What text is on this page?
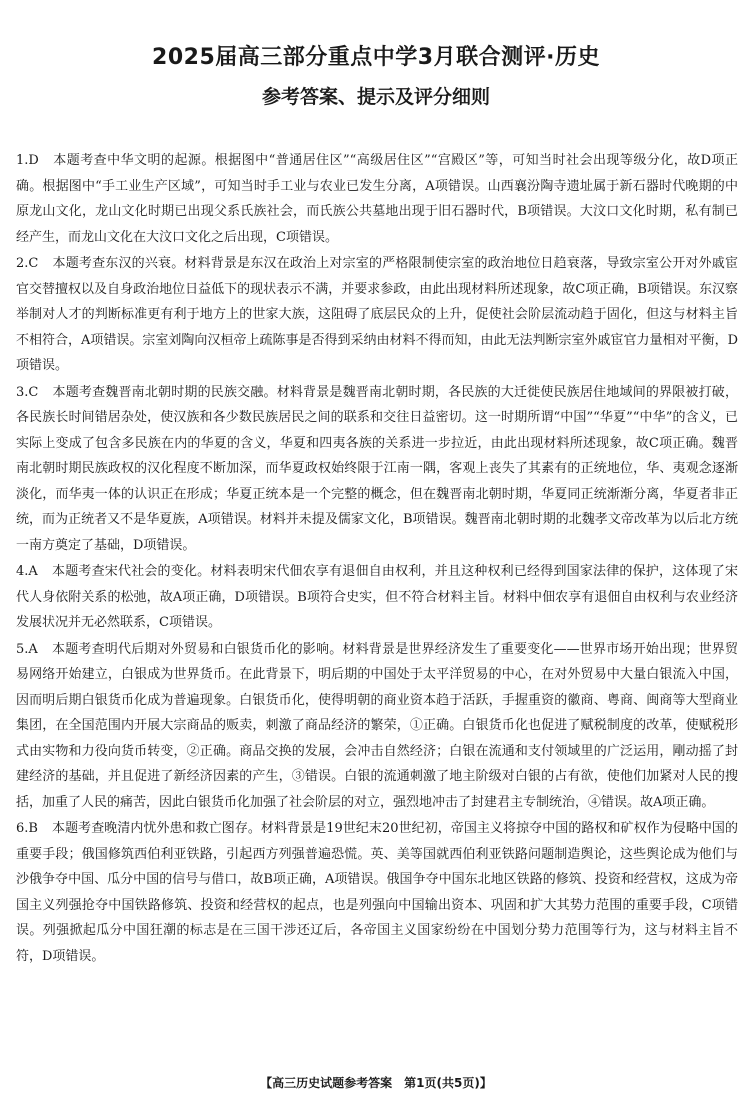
2025届高三部分重点中学3月联合测评·历史
参考答案、提示及评分细则

1.D 本题考查中华文明的起源。根据图中“普通居住区”“高级居住区”“宫殿区”等，可知当时社会出现等级分化，故D项正确。根据图中“手工业生产区域”，可知当时手工业与农业已发生分离，A项错误。山西襄汾陶寺遗址属于新石器时代晚期的中原龙山文化，龙山文化时期已出现父系氏族社会，而氏族公共墓地出现于旧石器时代，B项错误。大汶口文化时期，私有制已经产生，而龙山文化在大汶口文化之后出现，C项错误。

2.C 本题考查东汉的兴衰。材料背景是东汉在政治上对宗室的严格限制使宗室的政治地位日趋衰落，导致宗室公开对外戚宦官交替擅权以及自身政治地位日益低下的现状表示不满，并要求参政，由此出现材料所述现象，故C项正确，B项错误。东汉察举制对人才的判断标准更有利于地方上的世家大族，这阻碍了底层民众的上升，促使社会阶层流动趋于固化，但这与材料主旨不相符合，A项错误。宗室刘陶向汉桓帝上疏陈事是否得到采纳由材料不得而知，由此无法判断宗室外戚宦官力量相对平衡，D项错误。

3.C 本题考查魏晋南北朝时期的民族交融。材料背景是魏晋南北朝时期，各民族的大迁徙使民族居住地域间的界限被打破，各民族长时间错居杂处，使汉族和各少数民族居民之间的联系和交往日益密切。这一时期所谓“中国”“华夏”“中华”的含义，已实际上变成了包含多民族在内的华夏的含义，华夏和四夷各族的关系进一步拉近，由此出现材料所述现象，故C项正确。魏晋南北朝时期民族政权的汉化程度不断加深，而华夏政权始终限于江南一隅，客观上丧失了其素有的正统地位，华、夷观念逐渐淡化，而华夷一体的认识正在形成；华夏正统本是一个完整的概念，但在魏晋南北朝时期，华夏同正统渐渐分离，华夏者非正统，而为正统者又不是华夏族，A项错误。材料并未提及儒家文化，B项错误。魏晋南北朝时期的北魏孝文帝改革为以后北方统一南方奠定了基础，D项错误。

4.A 本题考查宋代社会的变化。材料表明宋代佃农享有退佃自由权利，并且这种权利已经得到国家法律的保护，这体现了宋代人身依附关系的松弛，故A项正确，D项错误。B项符合史实，但不符合材料主旨。材料中佃农享有退佃自由权利与农业经济发展状况并无必然联系，C项错误。

5.A 本题考查明代后期对外贸易和白银货币化的影响。材料背景是世界经济发生了重要变化——世界市场开始出现；世界贸易网络开始建立，白银成为世界货币。在此背景下，明后期的中国处于太平洋贸易的中心，在对外贸易中大量白银流入中国，因而明后期白银货币化成为普遍现象。白银货币化，使得明朝的商业资本趋于活跃，手握重资的徽商、粤商、闽商等大型商业集团，在全国范围内开展大宗商品的贩卖，刺激了商品经济的繁荣，①正确。白银货币化也促进了赋税制度的改革，使赋税形式由实物和力役向货币转变，②正确。商品交换的发展，会冲击自然经济；白银在流通和支付领域里的广泛运用，剛动摇了封建经济的基础，并且促进了新经济因素的产生，③错误。白银的流通刺激了地主阶级对白银的占有欲，使他们加紧对人民的搜括，加重了人民的痛苦，因此白银货币化加强了社会阶层的对立，强烈地冲击了封建君主专制统治，④错误。故A项正确。

6.B 本题考查晚清内忧外患和救亡图存。材料背景是19世纪末20世纪初，帝国主义将掠夺中国的路权和矿权作为侵略中国的重要手段；俄国修筑西伯利亚铁路，引起西方列强普遍恐慌。英、美等国就西伯利亚铁路问题制造舆论，这些舆论成为他们与沙俄争夺中国、瓜分中国的信号与借口，故B项正确，A项错误。俄国争夺中国东北地区铁路的修筑、投资和经营权，这成为帝国主义列强抢夺中国铁路修筑、投资和经营权的起点，也是列强向中国输出资本、巩固和扩大其势力范围的重要手段，C项错误。列强掀起瓜分中国狂潮的标志是在三国干涉还辽后，各帝国主义国家纷纷在中国划分势力范围等行为，这与材料主旨不符，D项错误。

【高三历史试题参考答案　第1页(共5页)】
